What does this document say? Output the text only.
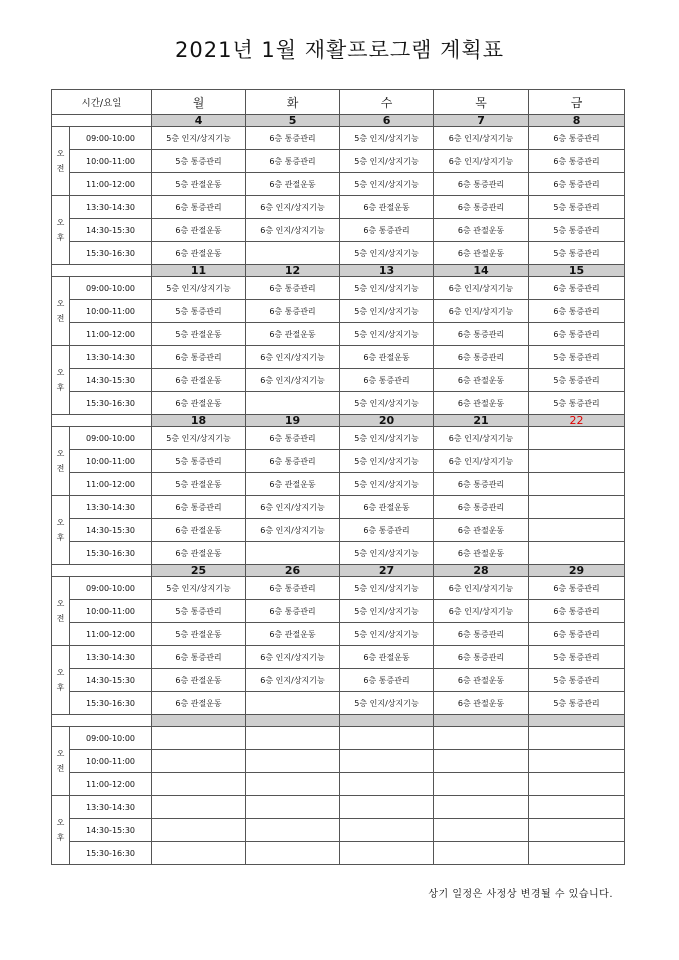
2021년 1월 재활프로그램 계획표
시간/요일		월	화	수	목	금
		4	5	6	7	8
오
전	09:00-10:00	5층 인지/상지기능	6층 통증관리	5층 인지/상지기능	6층 인지/상지기능	6층 통증관리
	10:00-11:00	5층 통증관리	6층 통증관리	5층 인지/상지기능	6층 인지/상지기능	6층 통증관리
	11:00-12:00	5층 관절운동	6층 관절운동	5층 인지/상지기능	6층 통증관리	6층 통증관리
오
후	13:30-14:30	6층 통증관리	6층 인지/상지기능	6층 관절운동	6층 통증관리	5층 통증관리
	14:30-15:30	6층 관절운동	6층 인지/상지기능	6층 통증관리	6층 관절운동	5층 통증관리
	15:30-16:30	6층 관절운동		5층 인지/상지기능	6층 관절운동	5층 통증관리
		11	12	13	14	15
오
전	09:00-10:00	5층 인지/상지기능	6층 통증관리	5층 인지/상지기능	6층 인지/상지기능	6층 통증관리
	10:00-11:00	5층 통증관리	6층 통증관리	5층 인지/상지기능	6층 인지/상지기능	6층 통증관리
	11:00-12:00	5층 관절운동	6층 관절운동	5층 인지/상지기능	6층 통증관리	6층 통증관리
오
후	13:30-14:30	6층 통증관리	6층 인지/상지기능	6층 관절운동	6층 통증관리	5층 통증관리
	14:30-15:30	6층 관절운동	6층 인지/상지기능	6층 통증관리	6층 관절운동	5층 통증관리
	15:30-16:30	6층 관절운동		5층 인지/상지기능	6층 관절운동	5층 통증관리
		18	19	20	21	22
오
전	09:00-10:00	5층 인지/상지기능	6층 통증관리	5층 인지/상지기능	6층 인지/상지기능	
	10:00-11:00	5층 통증관리	6층 통증관리	5층 인지/상지기능	6층 인지/상지기능	
	11:00-12:00	5층 관절운동	6층 관절운동	5층 인지/상지기능	6층 통증관리	
오
후	13:30-14:30	6층 통증관리	6층 인지/상지기능	6층 관절운동	6층 통증관리	
	14:30-15:30	6층 관절운동	6층 인지/상지기능	6층 통증관리	6층 관절운동	
	15:30-16:30	6층 관절운동		5층 인지/상지기능	6층 관절운동	
		25	26	27	28	29
오
전	09:00-10:00	5층 인지/상지기능	6층 통증관리	5층 인지/상지기능	6층 인지/상지기능	6층 통증관리
	10:00-11:00	5층 통증관리	6층 통증관리	5층 인지/상지기능	6층 인지/상지기능	6층 통증관리
	11:00-12:00	5층 관절운동	6층 관절운동	5층 인지/상지기능	6층 통증관리	6층 통증관리
오
후	13:30-14:30	6층 통증관리	6층 인지/상지기능	6층 관절운동	6층 통증관리	5층 통증관리
	14:30-15:30	6층 관절운동	6층 인지/상지기능	6층 통증관리	6층 관절운동	5층 통증관리
	15:30-16:30	6층 관절운동		5층 인지/상지기능	6층 관절운동	5층 통증관리

오
전	09:00-10:00					
	10:00-11:00					
	11:00-12:00					
오
후	13:30-14:30					
	14:30-15:30					
	15:30-16:30					
상기 일정은 사정상 변경될 수 있습니다.
